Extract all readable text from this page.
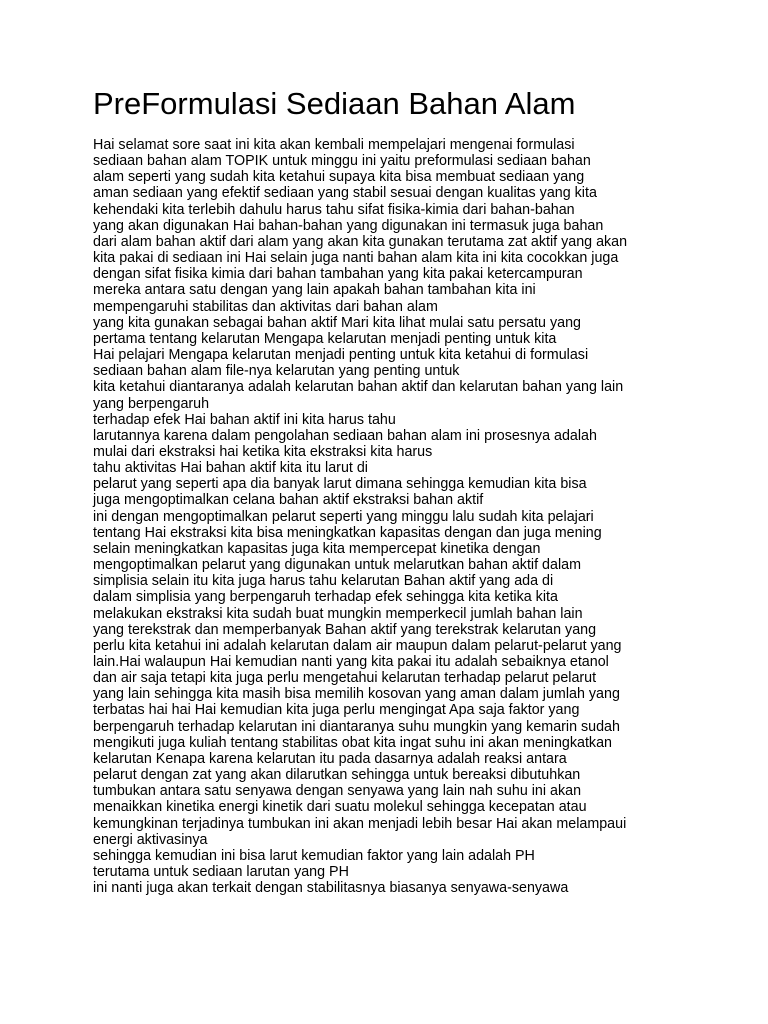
PreFormulasi Sediaan Bahan Alam
Hai selamat sore saat ini kita akan kembali mempelajari mengenai formulasi
sediaan bahan alam TOPIK untuk minggu ini yaitu preformulasi sediaan bahan
alam seperti yang sudah kita ketahui supaya kita bisa membuat sediaan yang
aman sediaan yang efektif sediaan yang stabil sesuai dengan kualitas yang kita
kehendaki kita terlebih dahulu harus tahu sifat fisika-kimia dari bahan-bahan
yang akan digunakan Hai bahan-bahan yang digunakan ini termasuk juga bahan
dari alam bahan aktif dari alam yang akan kita gunakan terutama zat aktif yang akan
kita pakai di sediaan ini Hai selain juga nanti bahan alam kita ini kita cocokkan juga
dengan sifat fisika kimia dari bahan tambahan yang kita pakai ketercampuran
mereka antara satu dengan yang lain apakah bahan tambahan kita ini
mempengaruhi stabilitas dan aktivitas dari bahan alam
yang kita gunakan sebagai bahan aktif Mari kita lihat mulai satu persatu yang
pertama tentang kelarutan Mengapa kelarutan menjadi penting untuk kita
Hai pelajari Mengapa kelarutan menjadi penting untuk kita ketahui di formulasi
sediaan bahan alam file-nya kelarutan yang penting untuk
kita ketahui diantaranya adalah kelarutan bahan aktif dan kelarutan bahan yang lain
yang berpengaruh
terhadap efek Hai bahan aktif ini kita harus tahu
larutannya karena dalam pengolahan sediaan bahan alam ini prosesnya adalah
mulai dari ekstraksi hai ketika kita ekstraksi kita harus
tahu aktivitas Hai bahan aktif kita itu larut di
pelarut yang seperti apa dia banyak larut dimana sehingga kemudian kita bisa
juga mengoptimalkan celana bahan aktif ekstraksi bahan aktif
ini dengan mengoptimalkan pelarut seperti yang minggu lalu sudah kita pelajari
tentang Hai ekstraksi kita bisa meningkatkan kapasitas dengan dan juga mening
selain meningkatkan kapasitas juga kita mempercepat kinetika dengan
mengoptimalkan pelarut yang digunakan untuk melarutkan bahan aktif dalam
simplisia selain itu kita juga harus tahu kelarutan Bahan aktif yang ada di
dalam simplisia yang berpengaruh terhadap efek sehingga kita ketika kita
melakukan ekstraksi kita sudah buat mungkin memperkecil jumlah bahan lain
yang terekstrak dan memperbanyak Bahan aktif yang terekstrak kelarutan yang
perlu kita ketahui ini adalah kelarutan dalam air maupun dalam pelarut-pelarut yang
lain.Hai walaupun Hai kemudian nanti yang kita pakai itu adalah sebaiknya etanol
dan air saja tetapi kita juga perlu mengetahui kelarutan terhadap pelarut pelarut
yang lain sehingga kita masih bisa memilih kosovan yang aman dalam jumlah yang
terbatas hai hai Hai kemudian kita juga perlu mengingat Apa saja faktor yang
berpengaruh terhadap kelarutan ini diantaranya suhu mungkin yang kemarin sudah
mengikuti juga kuliah tentang stabilitas obat kita ingat suhu ini akan meningkatkan
kelarutan Kenapa karena kelarutan itu pada dasarnya adalah reaksi antara
pelarut dengan zat yang akan dilarutkan sehingga untuk bereaksi dibutuhkan
tumbukan antara satu senyawa dengan senyawa yang lain nah suhu ini akan
menaikkan kinetika energi kinetik dari suatu molekul sehingga kecepatan atau
kemungkinan terjadinya tumbukan ini akan menjadi lebih besar Hai akan melampaui
energi aktivasinya
sehingga kemudian ini bisa larut kemudian faktor yang lain adalah PH
terutama untuk sediaan larutan yang PH
ini nanti juga akan terkait dengan stabilitasnya biasanya senyawa-senyawa
